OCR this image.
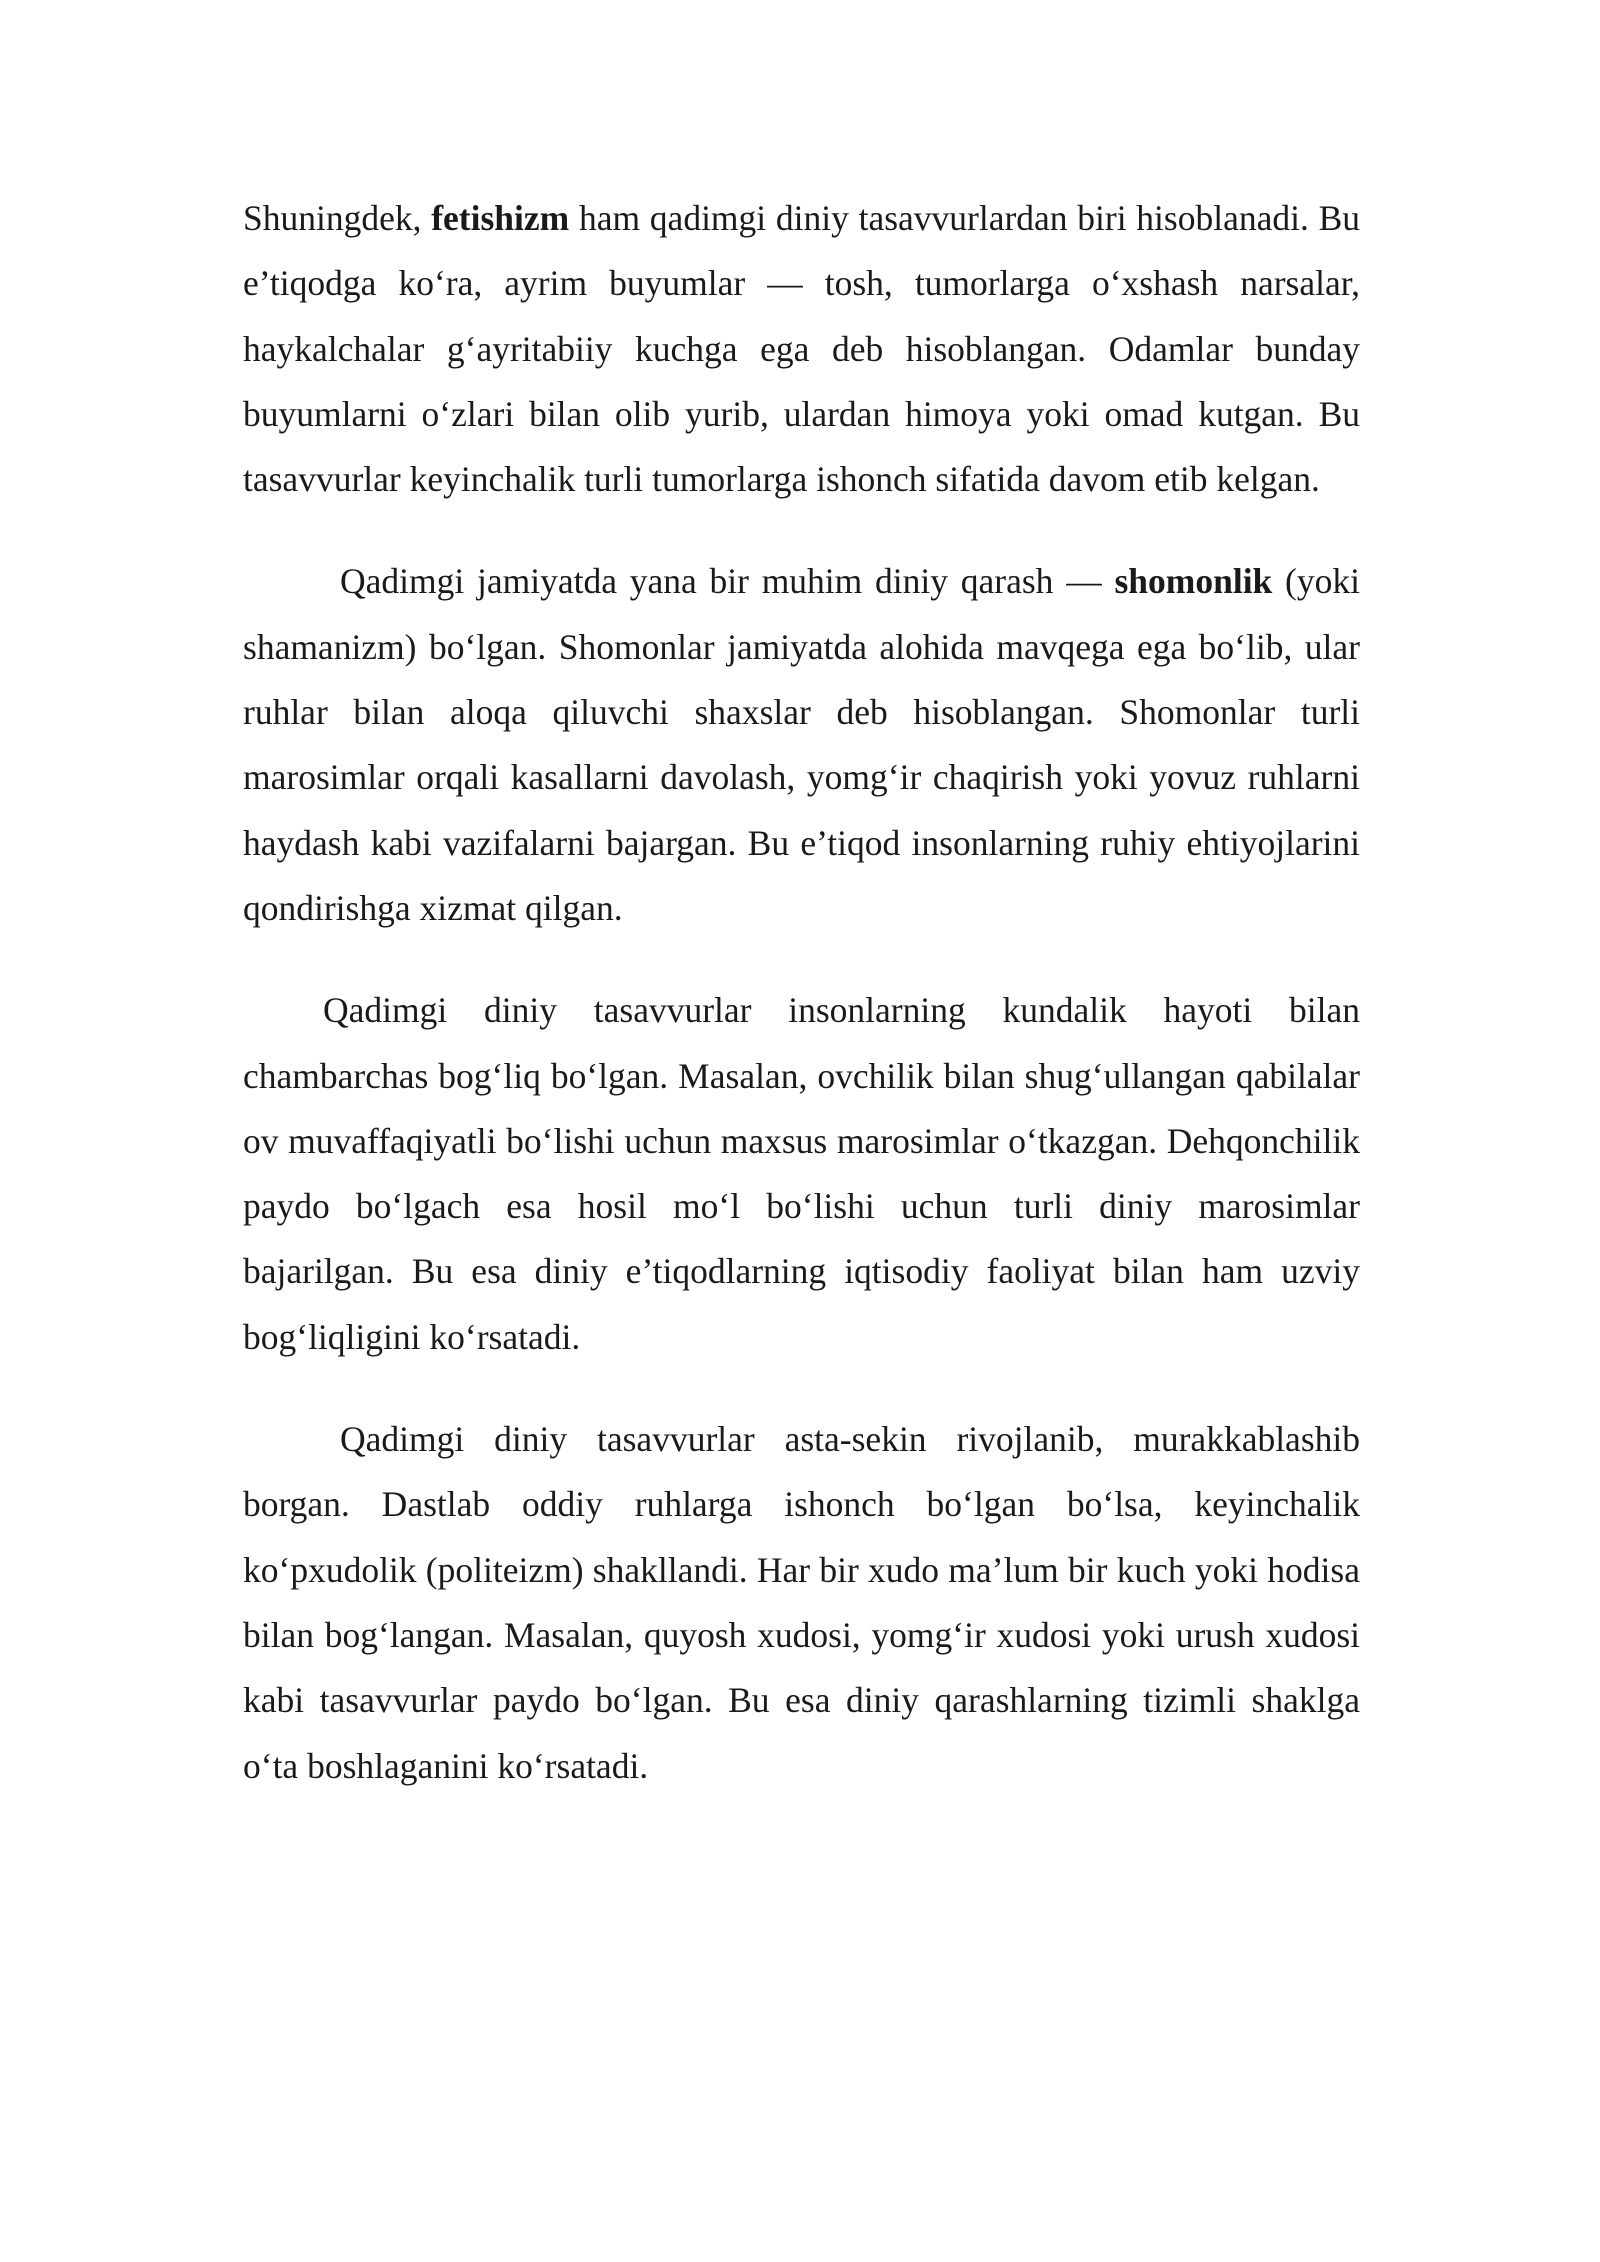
Shuningdek, fetishizm ham qadimgi diniy tasavvurlardan biri hisoblanadi. Bu e’tiqodga ko‘ra, ayrim buyumlar — tosh, tumorlarga o‘xshash narsalar, haykalchalar g‘ayritabiiy kuchga ega deb hisoblangan. Odamlar bunday buyumlarni o‘zlari bilan olib yurib, ulardan himoya yoki omad kutgan. Bu tasavvurlar keyinchalik turli tumorlarga ishonch sifatida davom etib kelgan.

Qadimgi jamiyatda yana bir muhim diniy qarash — shomonlik (yoki shamanizm) bo‘lgan. Shomonlar jamiyatda alohida mavqega ega bo‘lib, ular ruhlar bilan aloqa qiluvchi shaxslar deb hisoblangan. Shomonlar turli marosimlar orqali kasallarni davolash, yomg‘ir chaqirish yoki yovuz ruhlarni haydash kabi vazifalarni bajargan. Bu e’tiqod insonlarning ruhiy ehtiyojlarini qondirishga xizmat qilgan.

Qadimgi diniy tasavvurlar insonlarning kundalik hayoti bilan chambarchas bog‘liq bo‘lgan. Masalan, ovchilik bilan shug‘ullangan qabilalar ov muvaffaqiyatli bo‘lishi uchun maxsus marosimlar o‘tkazgan. Dehqonchilik paydo bo‘lgach esa hosil mo‘l bo‘lishi uchun turli diniy marosimlar bajarilgan. Bu esa diniy e’tiqodlarning iqtisodiy faoliyat bilan ham uzviy bog‘liqligini ko‘rsatadi.

Qadimgi diniy tasavvurlar asta-sekin rivojlanib, murakkablashib borgan. Dastlab oddiy ruhlarga ishonch bo‘lgan bo‘lsa, keyinchalik ko‘pxudolik (politeizm) shakllandi. Har bir xudo ma’lum bir kuch yoki hodisa bilan bog‘langan. Masalan, quyosh xudosi, yomg‘ir xudosi yoki urush xudosi kabi tasavvurlar paydo bo‘lgan. Bu esa diniy qarashlarning tizimli shaklga o‘ta boshlaganini ko‘rsatadi.
